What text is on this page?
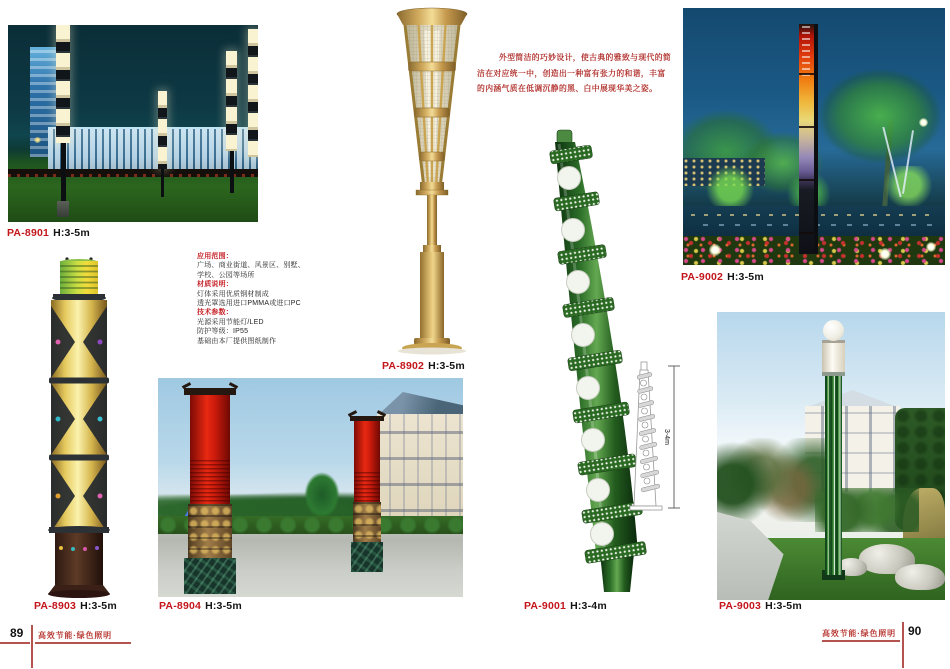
PA-8901 H:3-5m
PA-8902 H:3-5m
PA-9002 H:3-5m
外型简洁的巧妙设计，使古典的雅致与现代的简
洁在对应统一中，创造出一种富有张力的和谐，丰富
的内涵气质在低调沉静的黑、白中展现华美之姿。
应用范围：
广场、商业街道、风景区、别墅、
学校、公园等场所
材质说明：
灯体采用优质钢材制成
透光罩选用进口PMMA或进口PC
技术参数：
光源采用节能灯/LED
防护等级：IP55
基础由本厂提供图纸制作
PA-8903 H:3-5m	PA-8904 H:3-5m
3-4m
PA-9001 H:3-4m	PA-9003 H:3-5m
89 高效节能·绿色照明	高效节能·绿色照明 90
